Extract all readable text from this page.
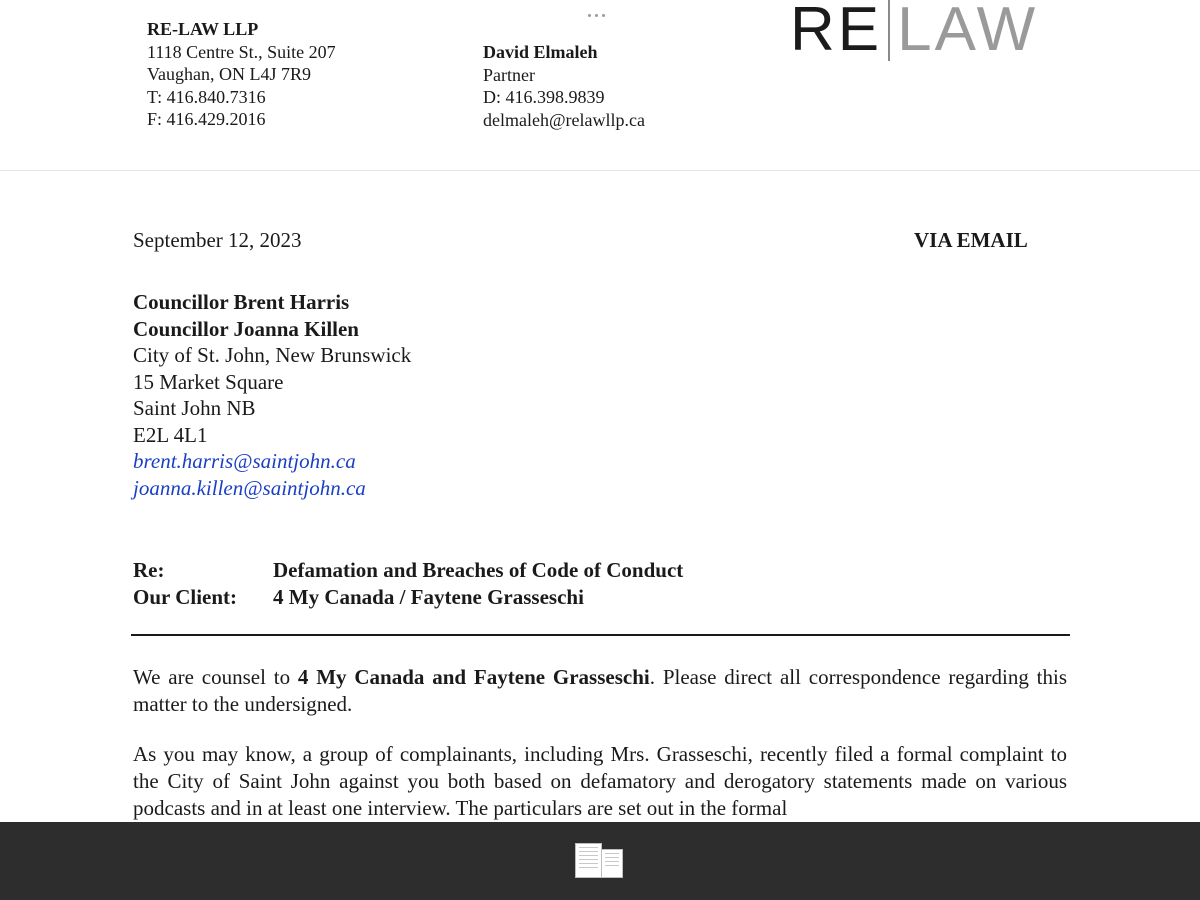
RE-LAW LLP
1118 Centre St., Suite 207
Vaughan, ON L4J 7R9
T: 416.840.7316
F: 416.429.2016
David Elmaleh
Partner
D: 416.398.9839
delmaleh@relawllp.ca
RE LAW
September 12, 2023	VIA EMAIL
Councillor Brent Harris
Councillor Joanna Killen
City of St. John, New Brunswick
15 Market Square
Saint John NB
E2L 4L1
brent.harris@saintjohn.ca
joanna.killen@saintjohn.ca
Re:	Defamation and Breaches of Code of Conduct
Our Client:	4 My Canada / Faytene Grasseschi
We are counsel to 4 My Canada and Faytene Grasseschi. Please direct all correspondence regarding this matter to the undersigned.
As you may know, a group of complainants, including Mrs. Grasseschi, recently filed a formal complaint to the City of Saint John against you both based on defamatory and derogatory statements made on various podcasts and in at least one interview. The particulars are set out in the formal
